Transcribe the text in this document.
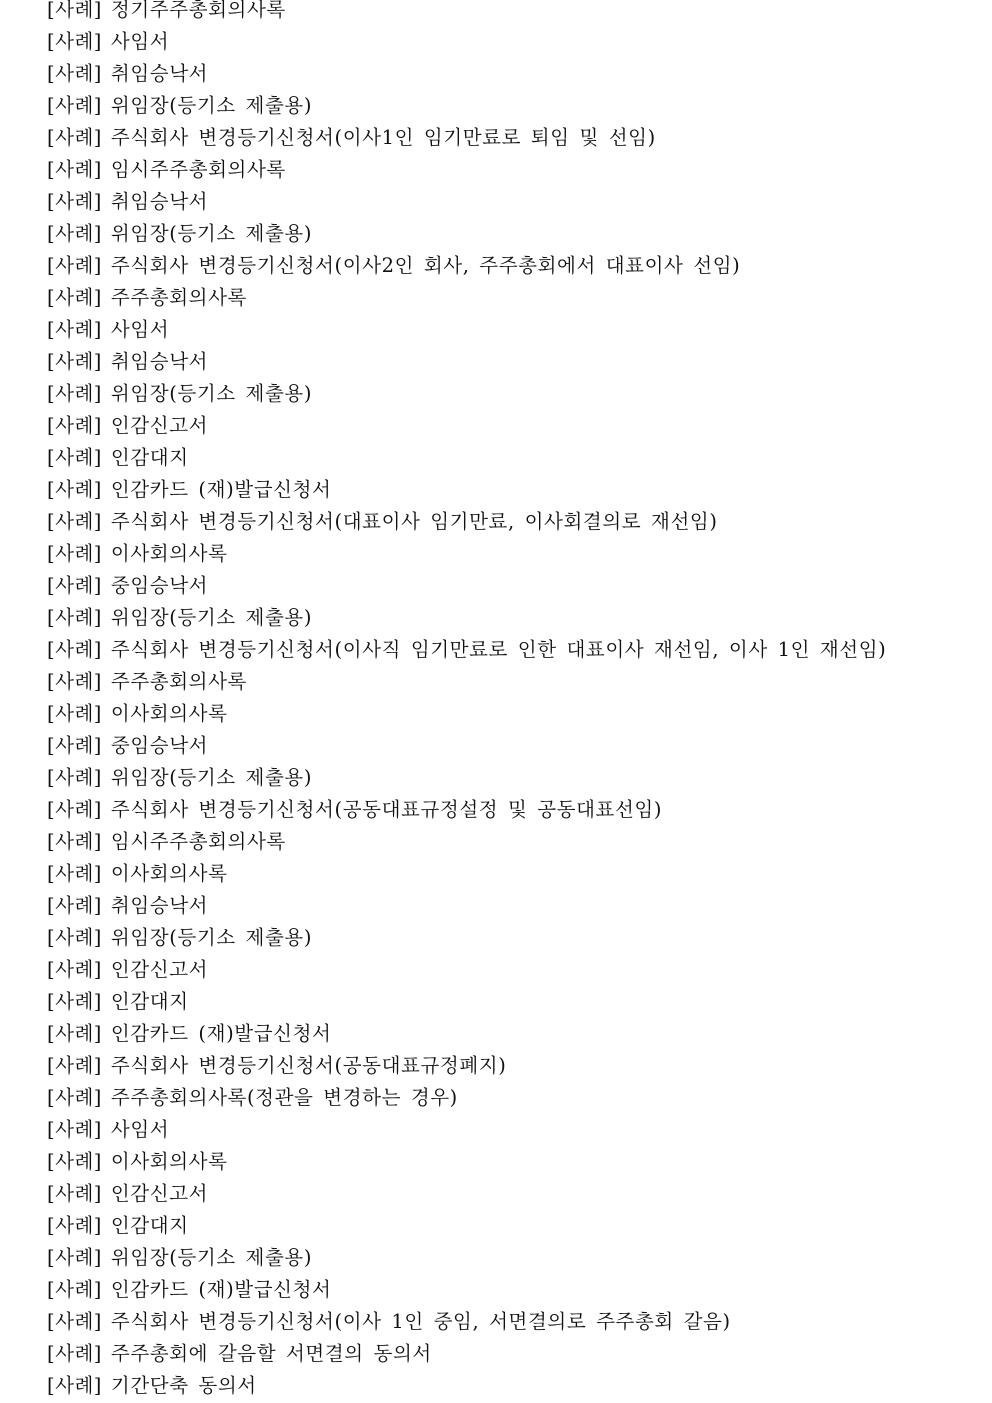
[사례] 정기주주총회의사록
[사례] 사임서
[사례] 취임승낙서
[사례] 위임장(등기소 제출용)
[사례] 주식회사 변경등기신청서(이사1인 임기만료로 퇴임 및 선임)
[사례] 임시주주총회의사록
[사례] 취임승낙서
[사례] 위임장(등기소 제출용)
[사례] 주식회사 변경등기신청서(이사2인 회사, 주주총회에서 대표이사 선임)
[사례] 주주총회의사록
[사례] 사임서
[사례] 취임승낙서
[사례] 위임장(등기소 제출용)
[사례] 인감신고서
[사례] 인감대지
[사례] 인감카드 (재)발급신청서
[사례] 주식회사 변경등기신청서(대표이사 임기만료, 이사회결의로 재선임)
[사례] 이사회의사록
[사례] 중임승낙서
[사례] 위임장(등기소 제출용)
[사례] 주식회사 변경등기신청서(이사직 임기만료로 인한 대표이사 재선임, 이사 1인 재선임)
[사례] 주주총회의사록
[사례] 이사회의사록
[사례] 중임승낙서
[사례] 위임장(등기소 제출용)
[사례] 주식회사 변경등기신청서(공동대표규정설정 및 공동대표선임)
[사례] 임시주주총회의사록
[사례] 이사회의사록
[사례] 취임승낙서
[사례] 위임장(등기소 제출용)
[사례] 인감신고서
[사례] 인감대지
[사례] 인감카드 (재)발급신청서
[사례] 주식회사 변경등기신청서(공동대표규정폐지)
[사례] 주주총회의사록(정관을 변경하는 경우)
[사례] 사임서
[사례] 이사회의사록
[사례] 인감신고서
[사례] 인감대지
[사례] 위임장(등기소 제출용)
[사례] 인감카드 (재)발급신청서
[사례] 주식회사 변경등기신청서(이사 1인 중임, 서면결의로 주주총회 갈음)
[사례] 주주총회에 갈음할 서면결의 동의서
[사례] 기간단축 동의서
